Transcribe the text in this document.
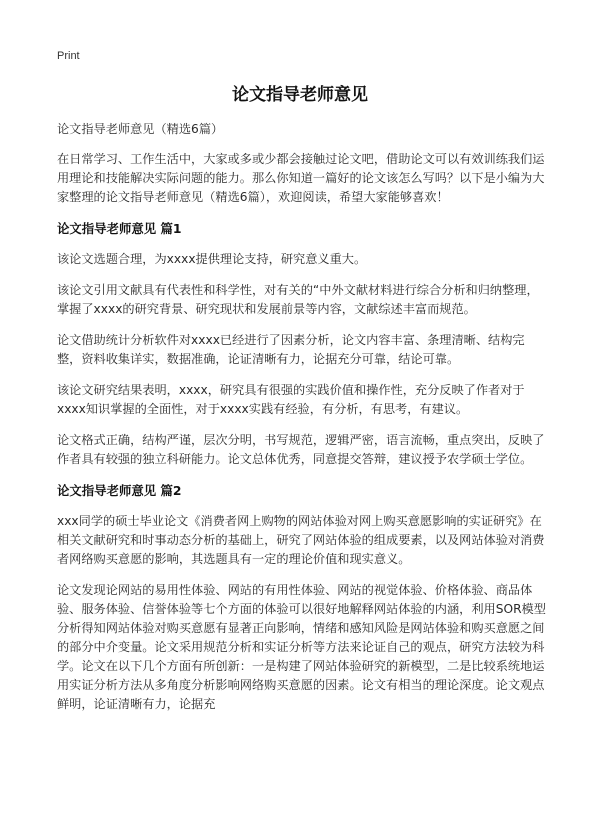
Print
论文指导老师意见

论文指导老师意见（精选6篇）

在日常学习、工作生活中，大家或多或少都会接触过论文吧，借助论文可以有效训练我们运用理论和技能解决实际问题的能力。那么你知道一篇好的论文该怎么写吗？以下是小编为大家整理的论文指导老师意见（精选6篇），欢迎阅读，希望大家能够喜欢！

论文指导老师意见 篇1

该论文选题合理，为xxxx提供理论支持，研究意义重大。

该论文引用文献具有代表性和科学性，对有关的“中外文献材料进行综合分析和归纳整理，掌握了xxxx的研究背景、研究现状和发展前景等内容，文献综述丰富而规范。

论文借助统计分析软件对xxxx已经进行了因素分析，论文内容丰富、条理清晰、结构完整，资料收集详实，数据准确，论证清晰有力，论据充分可靠，结论可靠。

该论文研究结果表明，xxxx，研究具有很强的实践价值和操作性，充分反映了作者对于xxxx知识掌握的全面性，对于xxxx实践有经验，有分析，有思考，有建议。

论文格式正确，结构严谨，层次分明，书写规范，逻辑严密，语言流畅，重点突出，反映了作者具有较强的独立科研能力。论文总体优秀，同意提交答辩，建议授予农学硕士学位。

论文指导老师意见 篇2

xxx同学的硕士毕业论文《消费者网上购物的网站体验对网上购买意愿影响的实证研究》在相关文献研究和时事动态分析的基础上，研究了网站体验的组成要素，以及网站体验对消费者网络购买意愿的影响，其选题具有一定的理论价值和现实意义。

论文发现论网站的易用性体验、网站的有用性体验、网站的视觉体验、价格体验、商品体验、服务体验、信誉体验等七个方面的体验可以很好地解释网站体验的内涵，利用SOR模型分析得知网站体验对购买意愿有显著正向影响，情绪和感知风险是网站体验和购买意愿之间的部分中介变量。论文采用规范分析和实证分析等方法来论证自己的观点，研究方法较为科学。论文在以下几个方面有所创新：一是构建了网站体验研究的新模型，二是比较系统地运用实证分析方法从多角度分析影响网络购买意愿的因素。论文有相当的理论深度。论文观点鲜明，论证清晰有力，论据充
